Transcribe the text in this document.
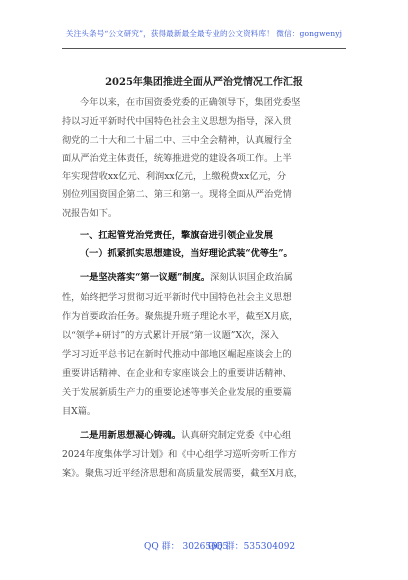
关注头条号“公文研究”，获得最新最全最专业的公文资料库！ 微信：gongwenyj
2025年集团推进全面从严治党情况工作汇报
今年以来，在市国资委党委的正确领导下，集团党委坚
持以习近平新时代中国特色社会主义思想为指导，深入贯
彻党的二十大和二十届二中、三中全会精神，认真履行全
面从严治党主体责任，统筹推进党的建设各项工作。上半
年实现营收xx亿元、利润xx亿元，上缴税费xx亿元，分
别位列国资国企第二、第三和第一。现将全面从严治党情
况报告如下。
一、扛起管党治党责任，擎旗奋进引领企业发展
（一）抓紧抓实思想建设，当好理论武装“优等生”。
一是坚决落实“第一议题”制度。深刻认识国企政治属
性，始终把学习贯彻习近平新时代中国特色社会主义思想
作为首要政治任务。聚焦提升班子理论水平，截至X月底，
以“领学+研讨”的方式累计开展“第一议题”X次，深入
学习习近平总书记在新时代推动中部地区崛起座谈会上的
重要讲话精神、在企业和专家座谈会上的重要讲话精神、
关于发展新质生产力的重要论述等事关企业发展的重要篇
目X篇。
二是用新思想凝心铸魂。认真研究制定党委《中心组
2024年度集体学习计划》和《中心组学习巡听旁听工作方
案》。聚焦习近平经济思想和高质量发展需要，截至X月底，
QQ 群： 30265665
QQ 群：535304092
